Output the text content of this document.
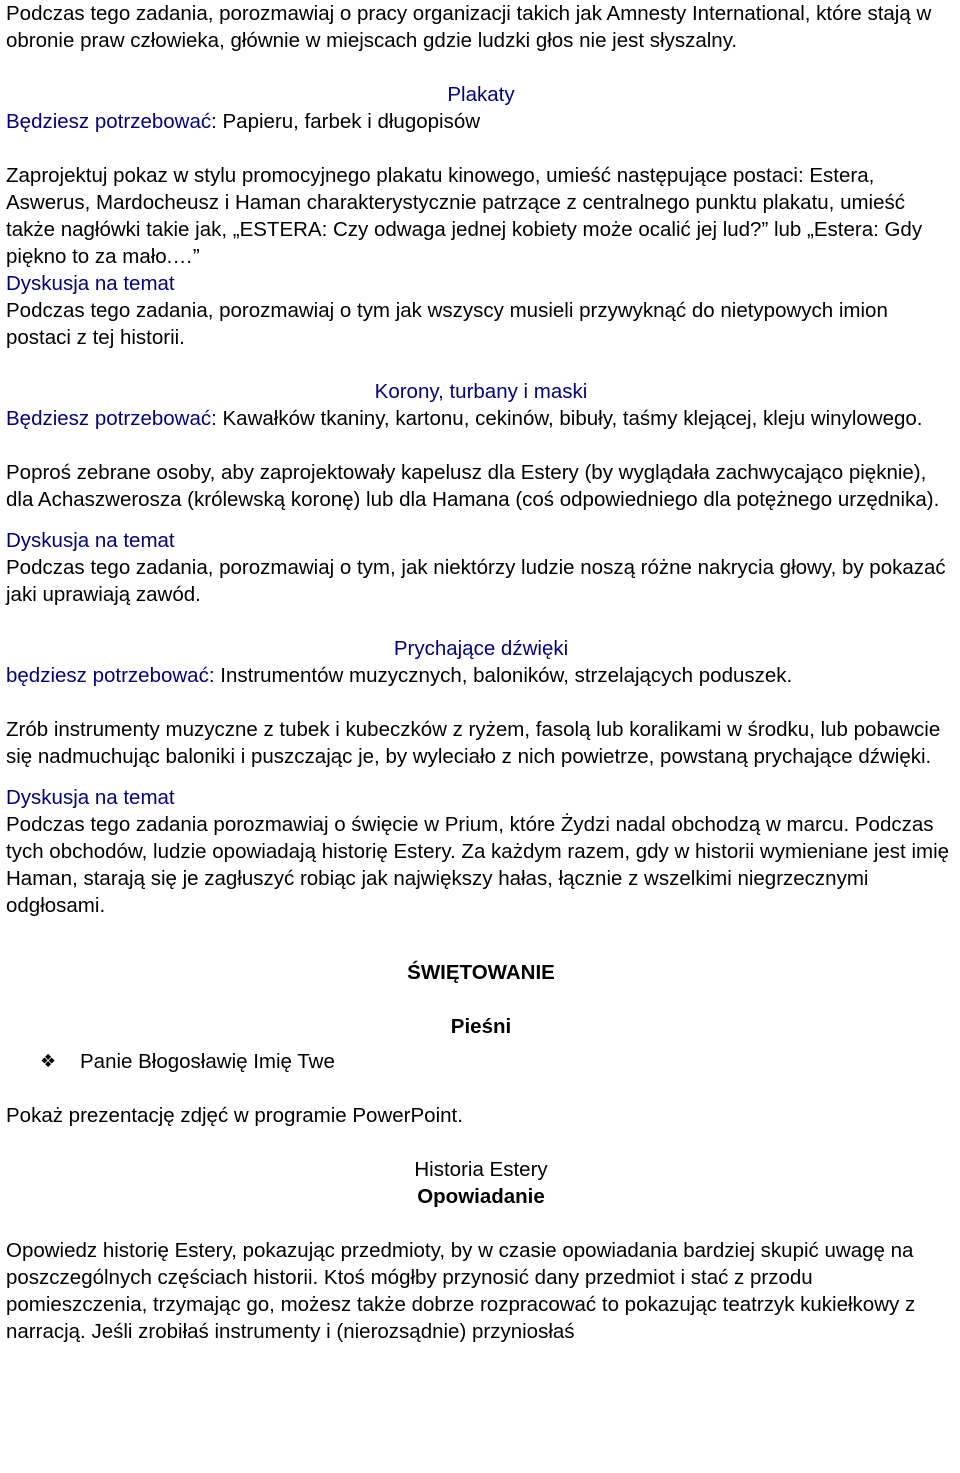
Podczas tego zadania, porozmawiaj o pracy organizacji takich jak Amnesty International, które stają w obronie praw człowieka, głównie w miejscach gdzie ludzki głos nie jest słyszalny.

Plakaty

Będziesz potrzebować: Papieru, farbek i długopisów

Zaprojektuj pokaz w stylu promocyjnego plakatu kinowego, umieść następujące postaci: Estera, Aswerus, Mardocheusz i Haman charakterystycznie patrzące z centralnego punktu plakatu, umieść także nagłówki takie jak, „ESTERA: Czy odwaga jednej kobiety może ocalić jej lud?” lub „Estera: Gdy piękno to za mało.…”

Dyskusja na temat

Podczas tego zadania, porozmawiaj o tym jak wszyscy musieli przywyknąć do nietypowych imion postaci z tej historii.

Korony, turbany i maski

Będziesz potrzebować: Kawałków tkaniny, kartonu, cekinów, bibuły, taśmy klejącej, kleju winylowego.

Poproś zebrane osoby, aby zaprojektowały kapelusz dla Estery (by wyglądała zachwycająco pięknie), dla Achaszwerosza (królewską koronę) lub dla Hamana (coś odpowiedniego dla potężnego urzędnika).

Dyskusja na temat

Podczas tego zadania, porozmawiaj o tym, jak niektórzy ludzie noszą różne nakrycia głowy, by pokazać jaki uprawiają zawód.

Prychające dźwięki

będziesz potrzebować: Instrumentów muzycznych, baloników, strzelających poduszek.

Zrób instrumenty muzyczne z tubek i kubeczków z ryżem, fasolą lub koralikami w środku, lub pobawcie się nadmuchując baloniki i puszczając je, by wyleciało z nich powietrze, powstaną prychające dźwięki.

Dyskusja na temat

Podczas tego zadania porozmawiaj o święcie w Prium, które Żydzi nadal obchodzą w marcu. Podczas tych obchodów, ludzie opowiadają historię Estery. Za każdym razem, gdy w historii wymieniane jest imię Haman, starają się je zagłuszyć robiąc jak największy hałas, łącznie z wszelkimi niegrzecznymi odgłosami.

ŚWIĘTOWANIE

Pieśni

❖ Panie Błogosławię Imię Twe

Pokaż prezentację zdjęć w programie PowerPoint.

Historia Estery

Opowiadanie

Opowiedz historię Estery, pokazując przedmioty, by w czasie opowiadania bardziej skupić uwagę na poszczególnych częściach historii. Ktoś mógłby przynosić dany przedmiot i stać z przodu pomieszczenia, trzymając go, możesz także dobrze rozpracować to pokazując teatrzyk kukiełkowy z narracją. Jeśli zrobiłaś instrumenty i (nierozsądnie) przyniosłaś
